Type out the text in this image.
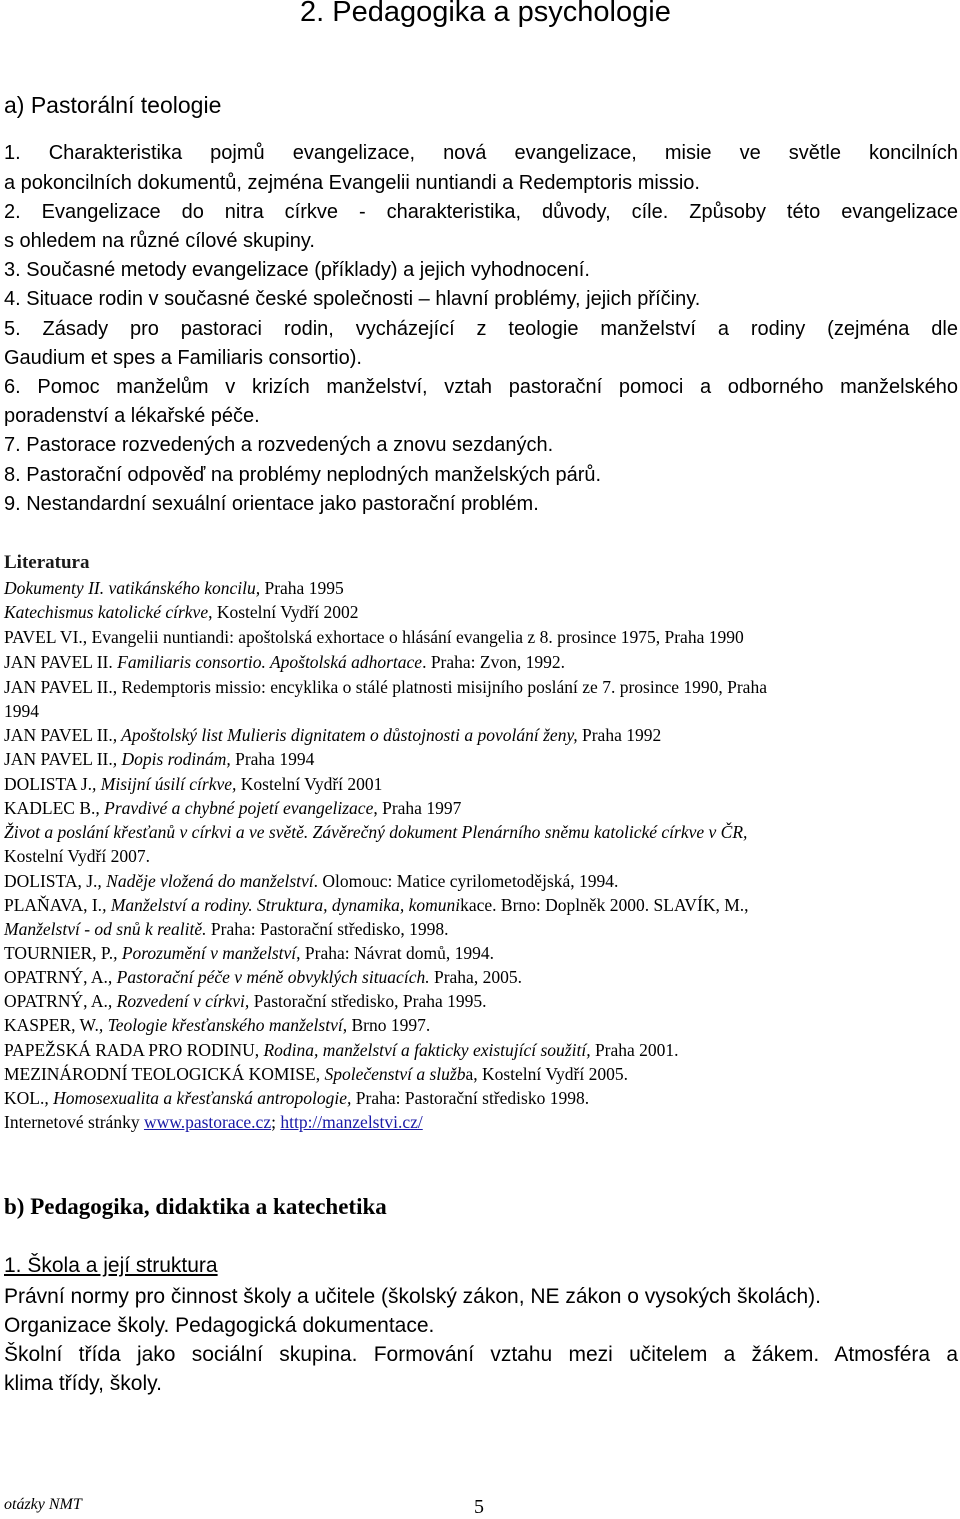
2. Pedagogika a psychologie
a) Pastorální teologie
1. Charakteristika pojmů evangelizace, nová evangelizace, misie ve světle koncilních
a pokoncilních dokumentů, zejména Evangelii nuntiandi a Redemptoris missio.
2. Evangelizace do nitra církve - charakteristika, důvody, cíle. Způsoby této evangelizace
s ohledem na různé cílové skupiny.
3. Současné metody evangelizace (příklady) a jejich vyhodnocení.
4. Situace rodin v současné české společnosti – hlavní problémy, jejich příčiny.
5. Zásady pro pastoraci rodin, vycházející z teologie manželství a rodiny (zejména dle
Gaudium et spes a Familiaris consortio).
6. Pomoc manželům v krizích manželství, vztah pastorační pomoci a odborného manželského
poradenství a lékařské péče.
7. Pastorace rozvedených a rozvedených a znovu sezdaných.
8. Pastorační odpověď na problémy neplodných manželských párů.
9. Nestandardní sexuální orientace jako pastorační problém.
Literatura
Dokumenty II. vatikánského koncilu, Praha 1995
Katechismus katolické církve, Kostelní Vydří 2002
PAVEL VI., Evangelii nuntiandi: apoštolská exhortace o hlásání evangelia z 8. prosince 1975, Praha 1990
JAN PAVEL II. Familiaris consortio. Apoštolská adhortace. Praha: Zvon, 1992.
JAN PAVEL II., Redemptoris missio: encyklika o stálé platnosti misijního poslání ze 7. prosince 1990, Praha
1994
JAN PAVEL II., Apoštolský list Mulieris dignitatem o důstojnosti a povolání ženy, Praha 1992
JAN PAVEL II., Dopis rodinám, Praha 1994
DOLISTA J., Misijní úsilí církve, Kostelní Vydří 2001
KADLEC B., Pravdivé a chybné pojetí evangelizace, Praha 1997
Život a poslání křesťanů v církvi a ve světě. Závěrečný dokument Plenárního sněmu katolické církve v ČR,
Kostelní Vydří 2007.
DOLISTA, J., Naděje vložená do manželství. Olomouc: Matice cyrilometodějská, 1994.
PLAŇAVA, I., Manželství a rodiny. Struktura, dynamika, komunikace. Brno: Doplněk 2000. SLAVÍK, M.,
Manželství - od snů k realitě. Praha: Pastorační středisko, 1998.
TOURNIER, P., Porozumění v manželství, Praha: Návrat domů, 1994.
OPATRNÝ, A., Pastorační péče v méně obvyklých situacích. Praha, 2005.
OPATRNÝ, A., Rozvedení v církvi, Pastorační středisko, Praha 1995.
KASPER, W., Teologie křesťanského manželství, Brno 1997.
PAPEŽSKÁ RADA PRO RODINU, Rodina, manželství a fakticky existující soužití, Praha 2001.
MEZINÁRODNÍ TEOLOGICKÁ KOMISE, Společenství a služba, Kostelní Vydří 2005.
KOL., Homosexualita a křesťanská antropologie, Praha: Pastorační středisko 1998.
Internetové stránky www.pastorace.cz; http://manzelstvi.cz/
b) Pedagogika, didaktika a katechetika
1. Škola a její struktura
Právní normy pro činnost školy a učitele (školský zákon, NE zákon o vysokých školách).
Organizace školy. Pedagogická dokumentace.
Školní třída jako sociální skupina. Formování vztahu mezi učitelem a žákem. Atmosféra a
klima třídy, školy.
otázky NMT	5
